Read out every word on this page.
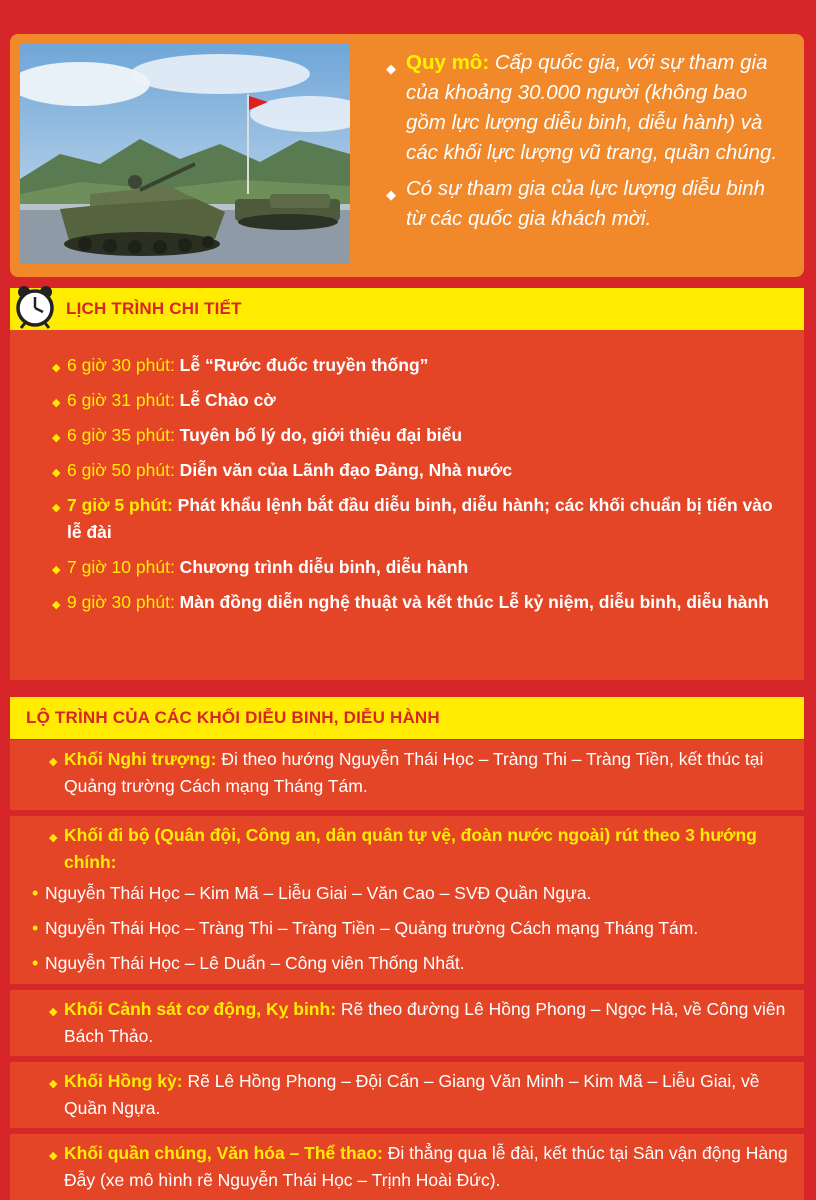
◆ Quy mô: Cấp quốc gia, với sự tham gia của khoảng 30.000 người (không bao gồm lực lượng diễu binh, diễu hành) và các khối lực lượng vũ trang, quần chúng.
◆ Có sự tham gia của lực lượng diễu binh từ các quốc gia khách mời.
LỊCH TRÌNH CHI TIẾT
◆ 6 giờ 30 phút: Lễ “Rước đuốc truyền thống”
◆ 6 giờ 31 phút: Lễ Chào cờ
◆ 6 giờ 35 phút: Tuyên bố lý do, giới thiệu đại biểu
◆ 6 giờ 50 phút: Diễn văn của Lãnh đạo Đảng, Nhà nước
◆ 7 giờ 5 phút: Phát khẩu lệnh bắt đầu diễu binh, diễu hành; các khối chuẩn bị tiến vào lễ đài
◆ 7 giờ 10 phút: Chương trình diễu binh, diễu hành
◆ 9 giờ 30 phút: Màn đồng diễn nghệ thuật và kết thúc Lễ kỷ niệm, diễu binh, diễu hành
LỘ TRÌNH CỦA CÁC KHỐI DIỄU BINH, DIỄU HÀNH

◆ Khối Nghi trượng: Đi theo hướng Nguyễn Thái Học – Tràng Thi – Tràng Tiền, kết thúc tại Quảng trường Cách mạng Tháng Tám.

◆ Khối đi bộ (Quân đội, Công an, dân quân tự vệ, đoàn nước ngoài) rút theo 3 hướng chính:

• Nguyễn Thái Học – Kim Mã – Liễu Giai – Văn Cao – SVĐ Quần Ngựa.
• Nguyễn Thái Học – Tràng Thi – Tràng Tiền – Quảng trường Cách mạng Tháng Tám.
• Nguyễn Thái Học – Lê Duẩn – Công viên Thống Nhất.

◆ Khối Cảnh sát cơ động, Kỵ binh: Rẽ theo đường Lê Hồng Phong – Ngọc Hà, về Công viên Bách Thảo.

◆ Khối Hồng kỳ: Rẽ Lê Hồng Phong – Đội Cấn – Giang Văn Minh – Kim Mã – Liễu Giai, về Quần Ngựa.

◆ Khối quần chúng, Văn hóa – Thể thao: Đi thẳng qua lễ đài, kết thúc tại Sân vận động Hàng Đẫy (xe mô hình rẽ Nguyễn Thái Học – Trịnh Hoài Đức).
